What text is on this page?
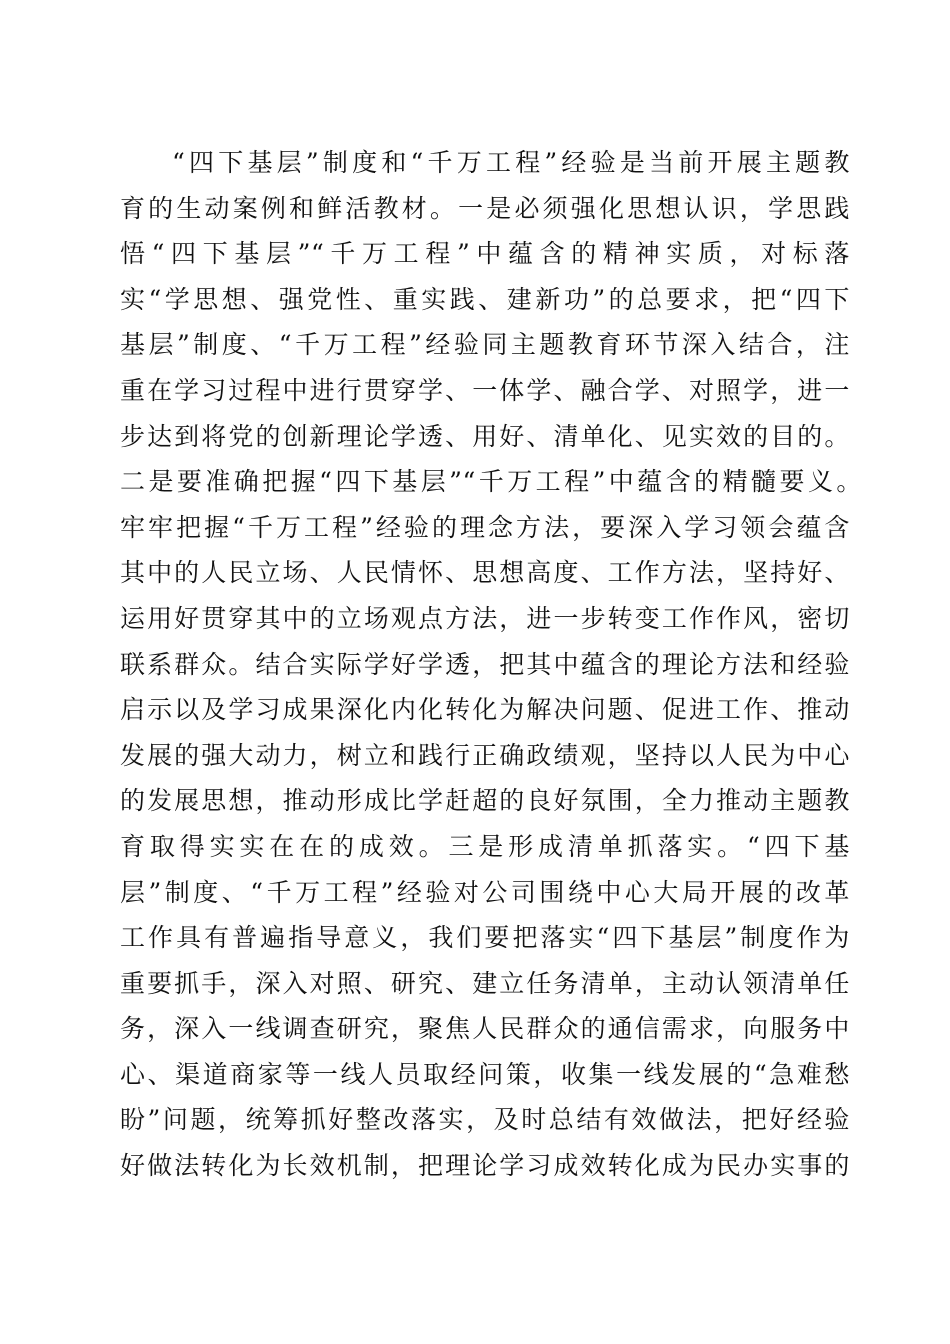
“四下基层”制度和“千万工程”经验是当前开展主题教
育的生动案例和鲜活教材。一是必须强化思想认识，学思践
悟“四下基层”“千万工程”中蕴含的精神实质，对标落
实“学思想、强党性、重实践、建新功”的总要求，把“四下
基层”制度、“千万工程”经验同主题教育环节深入结合，注
重在学习过程中进行贯穿学、一体学、融合学、对照学，进一
步达到将党的创新理论学透、用好、清单化、见实效的目的。
二是要准确把握“四下基层”“千万工程”中蕴含的精髓要义。
牢牢把握“千万工程”经验的理念方法，要深入学习领会蕴含
其中的人民立场、人民情怀、思想高度、工作方法，坚持好、
运用好贯穿其中的立场观点方法，进一步转变工作作风，密切
联系群众。结合实际学好学透，把其中蕴含的理论方法和经验
启示以及学习成果深化内化转化为解决问题、促进工作、推动
发展的强大动力，树立和践行正确政绩观，坚持以人民为中心
的发展思想，推动形成比学赶超的良好氛围，全力推动主题教
育取得实实在在的成效。三是形成清单抓落实。“四下基
层”制度、“千万工程”经验对公司围绕中心大局开展的改革
工作具有普遍指导意义，我们要把落实“四下基层”制度作为
重要抓手，深入对照、研究、建立任务清单，主动认领清单任
务，深入一线调查研究，聚焦人民群众的通信需求，向服务中
心、渠道商家等一线人员取经问策，收集一线发展的“急难愁
盼”问题，统筹抓好整改落实，及时总结有效做法，把好经验
好做法转化为长效机制，把理论学习成效转化成为民办实事的
